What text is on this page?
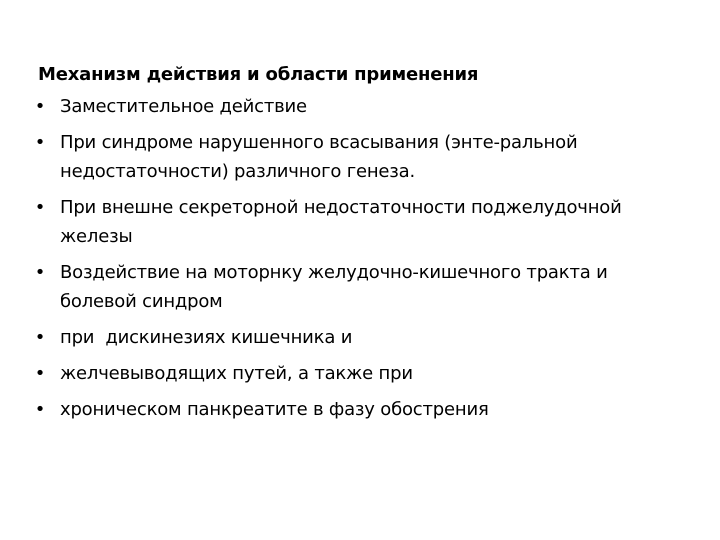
Механизм действия и области применения
• Заместительное действие
• При синдроме нарушенного всасывания (энте-ральной
недостаточности) различного генеза.
• При внешне секреторной недостаточности поджелудочной
железы
• Воздействие на моторнку желудочно-кишечного тракта и
болевой синдром
• при  дискинезиях кишечника и
• желчевыводящих путей, а также при
• хроническом панкреатите в фазу обострения
